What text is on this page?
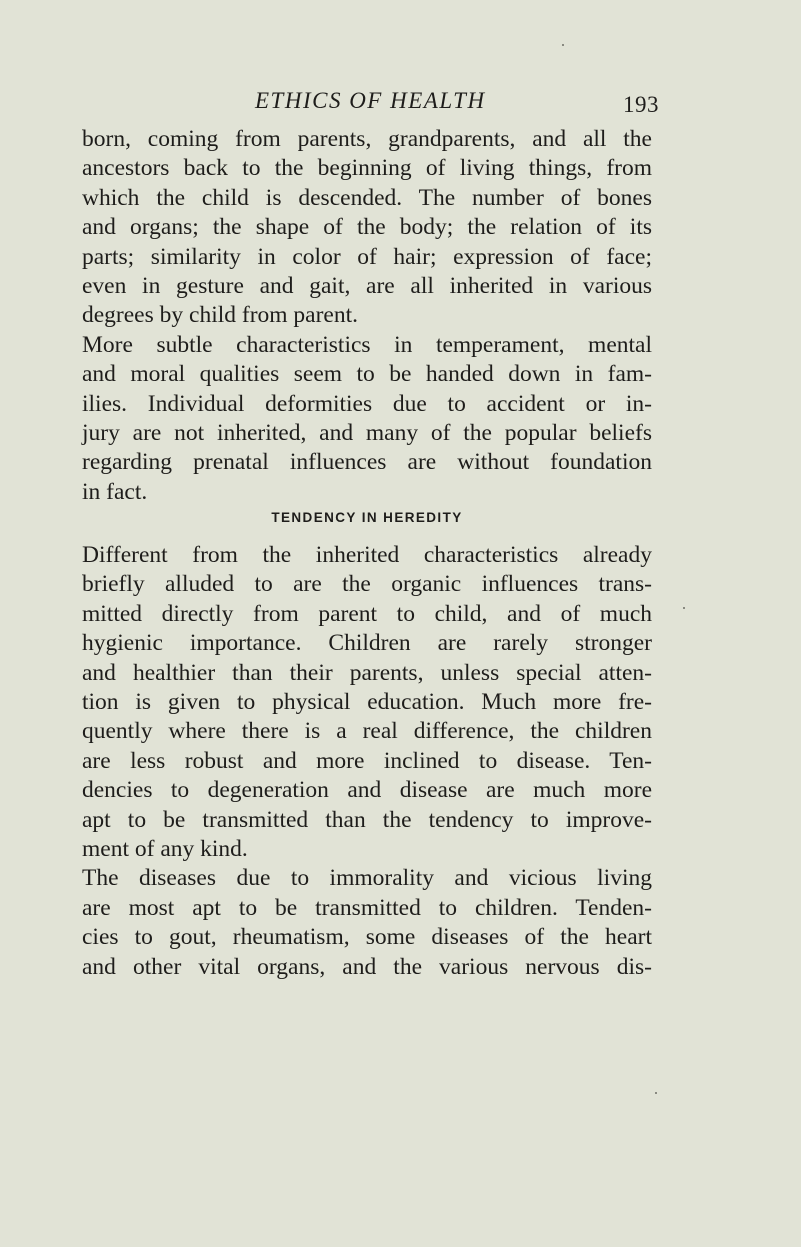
ETHICS OF HEALTH	193
born, coming from parents, grandparents, and all the
ancestors back to the beginning of living things, from
which the child is descended. The number of bones
and organs; the shape of the body; the relation of its
parts; similarity in color of hair; expression of face;
even in gesture and gait, are all inherited in various
degrees by child from parent.
More subtle characteristics in temperament, mental
and moral qualities seem to be handed down in fam-
ilies. Individual deformities due to accident or in-
jury are not inherited, and many of the popular beliefs
regarding prenatal influences are without foundation
in fact.
TENDENCY IN HEREDITY
Different from the inherited characteristics already
briefly alluded to are the organic influences trans-
mitted directly from parent to child, and of much
hygienic importance. Children are rarely stronger
and healthier than their parents, unless special atten-
tion is given to physical education. Much more fre-
quently where there is a real difference, the children
are less robust and more inclined to disease. Ten-
dencies to degeneration and disease are much more
apt to be transmitted than the tendency to improve-
ment of any kind.
The diseases due to immorality and vicious living
are most apt to be transmitted to children. Tenden-
cies to gout, rheumatism, some diseases of the heart
and other vital organs, and the various nervous dis-
